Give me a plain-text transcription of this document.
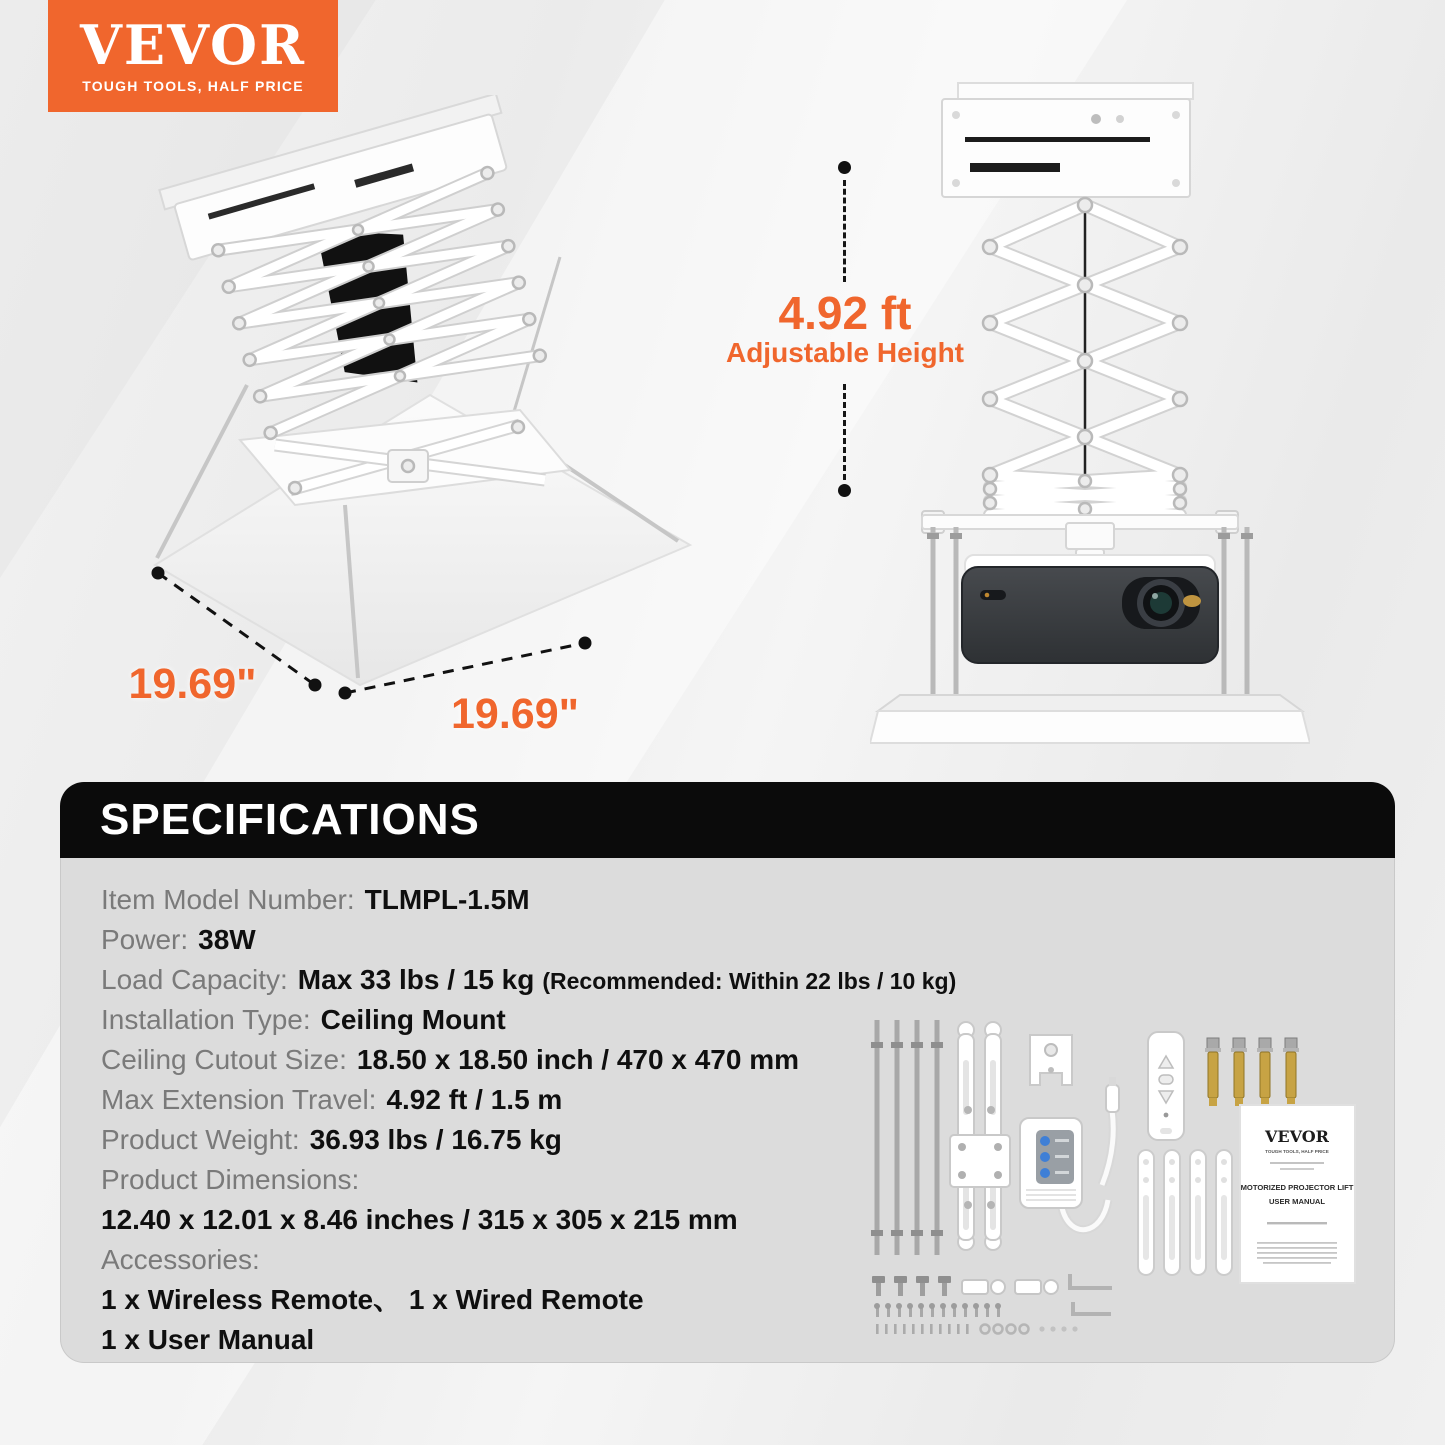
VEVOR
TOUGH TOOLS, HALF PRICE
4.92 ft
Adjustable Height
19.69"
19.69"
SPECIFICATIONS
Item Model Number: TLMPL-1.5M
Power: 38W
Load Capacity: Max 33 lbs / 15 kg (Recommended: Within 22 lbs / 10 kg)
Installation Type: Ceiling Mount
Ceiling Cutout Size: 18.50 x 18.50 inch / 470 x 470 mm
Max Extension Travel: 4.92 ft / 1.5 m
Product Weight: 36.93 lbs / 16.75 kg
Product Dimensions:
12.40 x 12.01 x 8.46 inches / 315 x 305 x 215 mm
Accessories:
1 x Wireless Remote、 1 x Wired Remote
1 x User Manual
VEVOR
TOUGH TOOLS, HALF PRICE
MOTORIZED PROJECTOR LIFT
USER MANUAL
